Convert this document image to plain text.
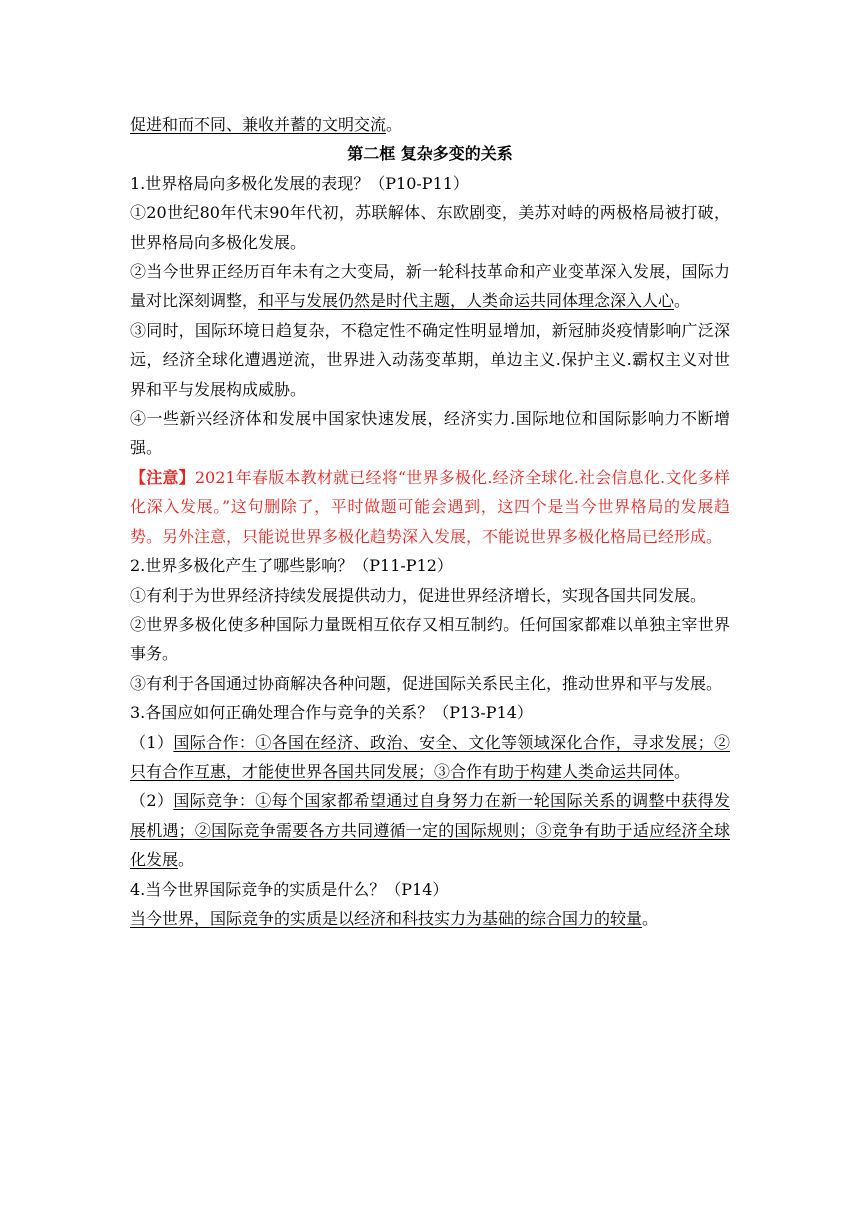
促进和而不同、兼收并蓄的文明交流。

第二框 复杂多变的关系

1.世界格局向多极化发展的表现？（P10-P11）

①20世纪80年代末90年代初，苏联解体、东欧剧变，美苏对峙的两极格局被打破，世界格局向多极化发展。

②当今世界正经历百年未有之大变局，新一轮科技革命和产业变革深入发展，国际力量对比深刻调整，和平与发展仍然是时代主题，人类命运共同体理念深入人心。

③同时，国际环境日趋复杂，不稳定性不确定性明显增加，新冠肺炎疫情影响广泛深远，经济全球化遭遇逆流，世界进入动荡变革期，单边主义.保护主义.霸权主义对世界和平与发展构成威胁。

④一些新兴经济体和发展中国家快速发展，经济实力.国际地位和国际影响力不断增强。

【注意】2021年春版本教材就已经将“世界多极化.经济全球化.社会信息化.文化多样化深入发展。”这句删除了，平时做题可能会遇到，这四个是当今世界格局的发展趋势。另外注意，只能说世界多极化趋势深入发展，不能说世界多极化格局已经形成。

2.世界多极化产生了哪些影响？（P11-P12）

①有利于为世界经济持续发展提供动力，促进世界经济增长，实现各国共同发展。

②世界多极化使多种国际力量既相互依存又相互制约。任何国家都难以单独主宰世界事务。

③有利于各国通过协商解决各种问题，促进国际关系民主化，推动世界和平与发展。

3.各国应如何正确处理合作与竞争的关系？（P13-P14）

（1）国际合作：①各国在经济、政治、安全、文化等领域深化合作，寻求发展；②只有合作互惠，才能使世界各国共同发展；③合作有助于构建人类命运共同体。

（2）国际竞争：①每个国家都希望通过自身努力在新一轮国际关系的调整中获得发展机遇；②国际竞争需要各方共同遵循一定的国际规则；③竞争有助于适应经济全球化发展。

4.当今世界国际竞争的实质是什么？（P14）

当今世界，国际竞争的实质是以经济和科技实力为基础的综合国力的较量。
